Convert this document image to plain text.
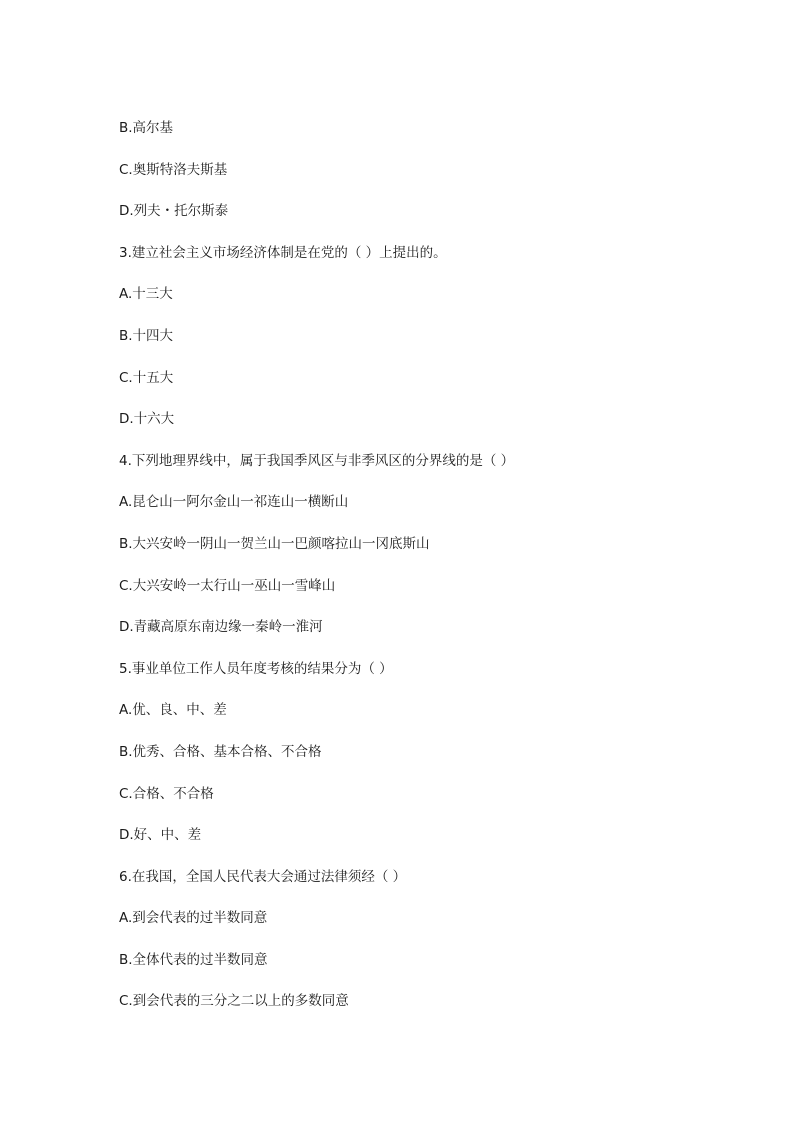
B.高尔基
C.奥斯特洛夫斯基
D.列夫・托尔斯泰
3.建立社会主义市场经济体制是在党的（ ）上提出的。
A.十三大
B.十四大
C.十五大
D.十六大
4.下列地理界线中，属于我国季风区与非季风区的分界线的是（ ）
A.昆仑山一阿尔金山一祁连山一横断山
B.大兴安岭一阴山一贺兰山一巴颜喀拉山一冈底斯山
C.大兴安岭一太行山一巫山一雪峰山
D.青藏高原东南边缘一秦岭一淮河
5.事业单位工作人员年度考核的结果分为（ ）
A.优、良、中、差
B.优秀、合格、基本合格、不合格
C.合格、不合格
D.好、中、差
6.在我国，全国人民代表大会通过法律须经（ ）
A.到会代表的过半数同意
B.全体代表的过半数同意
C.到会代表的三分之二以上的多数同意
